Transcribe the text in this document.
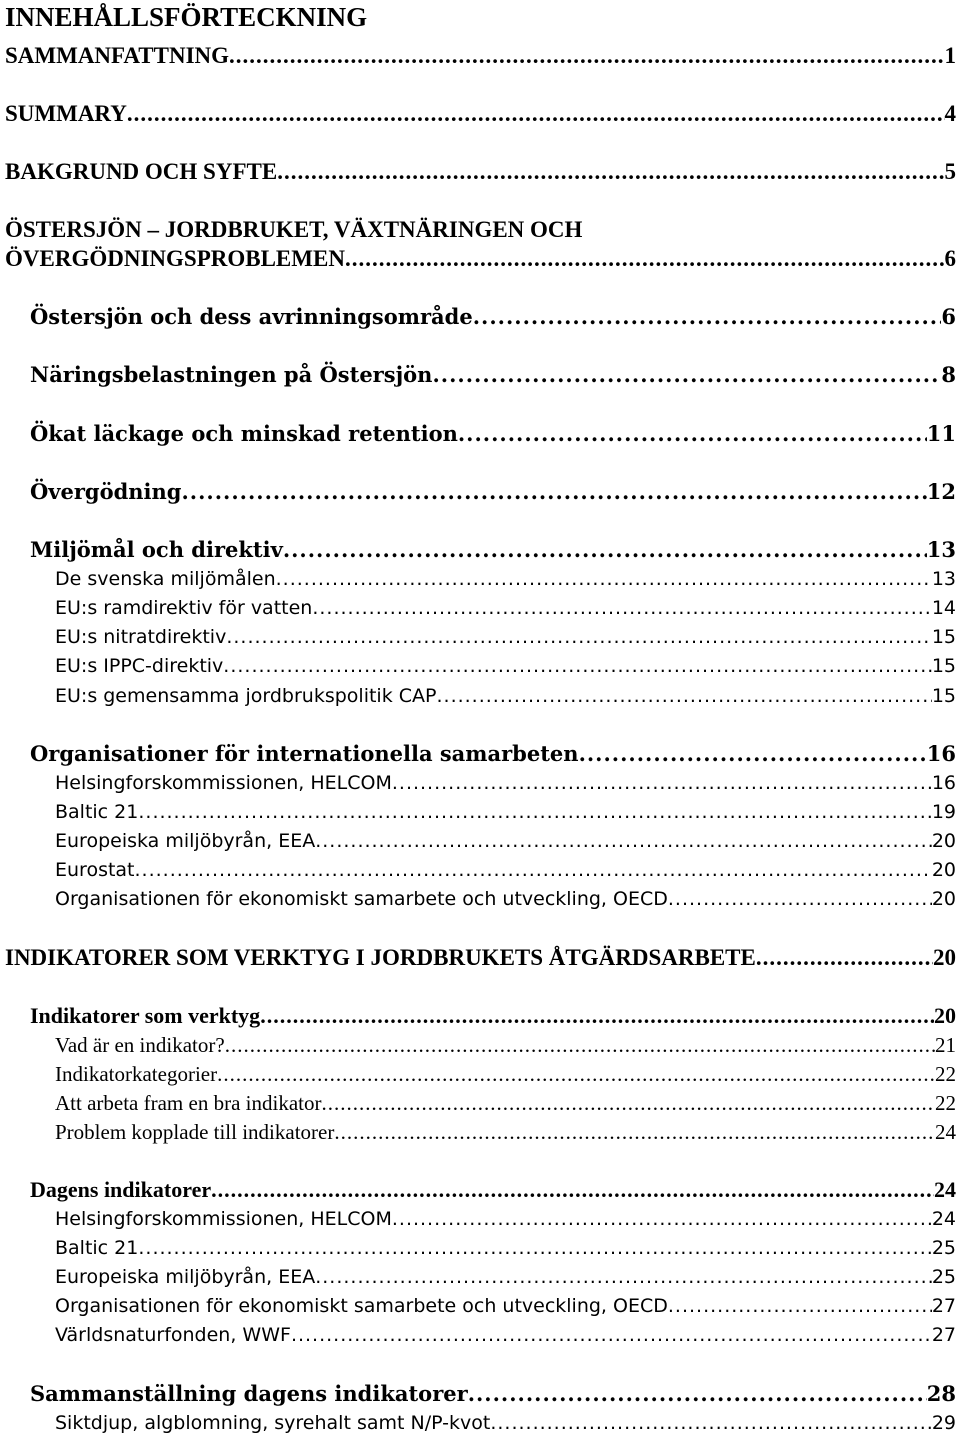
INNEHÅLLSFÖRTECKNING
SAMMANFATTNING .....	1
SUMMARY .....	4
BAKGRUND OCH SYFTE .....	5
ÖSTERSJÖN – JORDBRUKET, VÄXTNÄRINGEN OCH
ÖVERGÖDNINGSPROBLEMEN .....	6
Östersjön och dess avrinningsområde .....	6
Näringsbelastningen på Östersjön .....	8
Ökat läckage och minskad retention .....	11
Övergödning .....	12
Miljömål och direktiv .....	13
De svenska miljömålen .....	13
EU:s ramdirektiv för vatten .....	14
EU:s nitratdirektiv .....	15
EU:s IPPC-direktiv .....	15
EU:s gemensamma jordbrukspolitik CAP .....	15
Organisationer för internationella samarbeten .....	16
Helsingforskommissionen, HELCOM .....	16
Baltic 21 .....	19
Europeiska miljöbyrån, EEA .....	20
Eurostat .....	20
Organisationen för ekonomiskt samarbete och utveckling, OECD .....	20
INDIKATORER SOM VERKTYG I JORDBRUKETS ÅTGÄRDSARBETE .....	20
Indikatorer som verktyg .....	20
Vad är en indikator? .....	21
Indikatorkategorier .....	22
Att arbeta fram en bra indikator .....	22
Problem kopplade till indikatorer .....	24
Dagens indikatorer .....	24
Helsingforskommissionen, HELCOM .....	24
Baltic 21 .....	25
Europeiska miljöbyrån, EEA .....	25
Organisationen för ekonomiskt samarbete och utveckling, OECD .....	27
Världsnaturfonden, WWF .....	27
Sammanställning dagens indikatorer .....	28
Siktdjup, algblomning, syrehalt samt N/P-kvot .....	29
